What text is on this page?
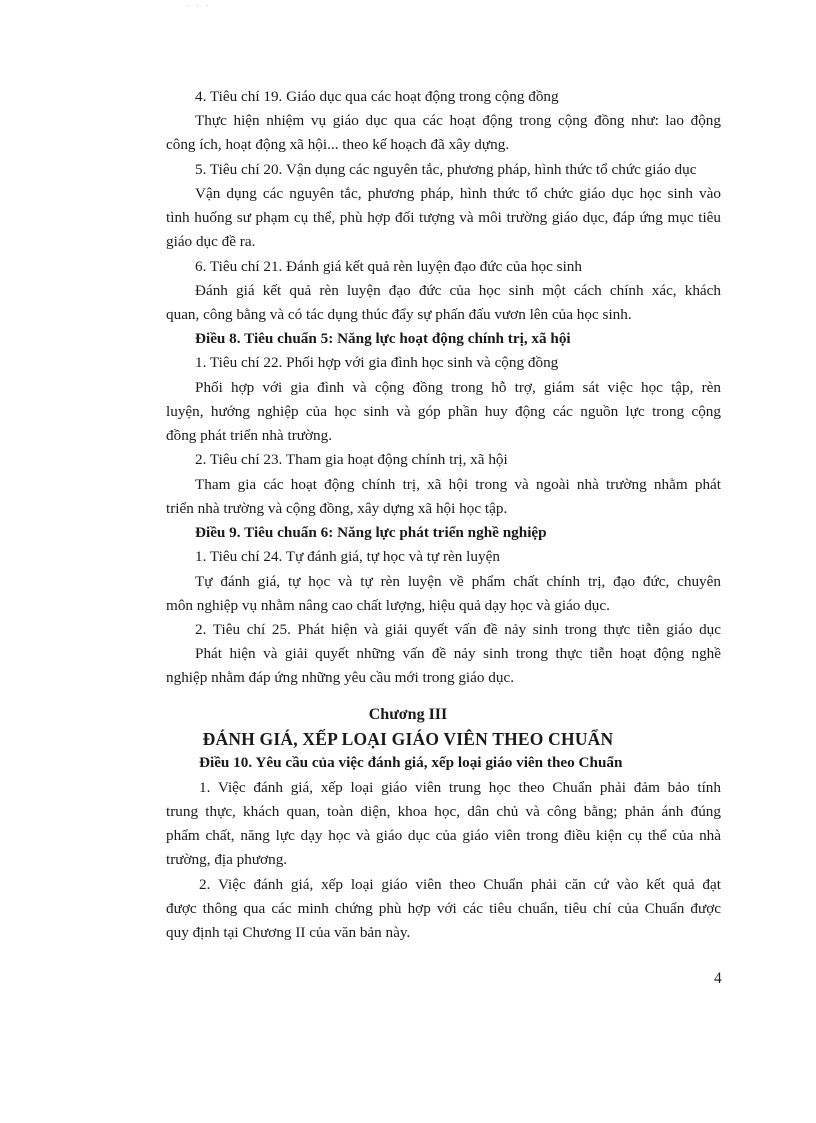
· · ·
4. Tiêu chí 19. Giáo dục qua các hoạt động trong cộng đồng
Thực hiện nhiệm vụ giáo dục qua các hoạt động trong cộng đồng như: lao động
công ích, hoạt động xã hội... theo kế hoạch đã xây dựng.
5. Tiêu chí 20. Vận dụng các nguyên tắc, phương pháp, hình thức tổ chức giáo dục
Vận dụng các nguyên tắc, phương pháp, hình thức tổ chức giáo dục học sinh vào
tình huống sư phạm cụ thể, phù hợp đối tượng và môi trường giáo dục, đáp ứng mục tiêu
giáo dục đề ra.
6. Tiêu chí 21. Đánh giá kết quả rèn luyện đạo đức của học sinh
Đánh giá kết quả rèn luyện đạo đức của học sinh một cách chính xác, khách
quan, công bằng và có tác dụng thúc đẩy sự phấn đấu vươn lên của học sinh.
Điều 8. Tiêu chuẩn 5: Năng lực hoạt động chính trị, xã hội
1. Tiêu chí 22. Phối hợp với gia đình học sinh và cộng đồng
Phối hợp với gia đình và cộng đồng trong hỗ trợ, giám sát việc học tập, rèn
luyện, hướng nghiệp của học sinh và góp phần huy động các nguồn lực trong cộng
đồng phát triển nhà trường.
2. Tiêu chí 23. Tham gia hoạt động chính trị, xã hội
Tham gia các hoạt động chính trị, xã hội trong và ngoài nhà trường nhằm phát
triển nhà trường và cộng đồng, xây dựng xã hội học tập.
Điều 9. Tiêu chuẩn 6: Năng lực phát triển nghề nghiệp
1. Tiêu chí 24. Tự đánh giá, tự học và tự rèn luyện
Tự đánh giá, tự học và tự rèn luyện về phẩm chất chính trị, đạo đức, chuyên
môn nghiệp vụ nhằm nâng cao chất lượng, hiệu quả dạy học và giáo dục.
2. Tiêu chí 25. Phát hiện và giải quyết vấn đề nảy sinh trong thực tiễn giáo dục
Phát hiện và giải quyết những vấn đề nảy sinh trong thực tiễn hoạt động nghề
nghiệp nhằm đáp ứng những yêu cầu mới trong giáo dục.
Chương III
ĐÁNH GIÁ, XẾP LOẠI GIÁO VIÊN THEO CHUẨN
Điều 10. Yêu cầu của việc đánh giá, xếp loại giáo viên theo Chuẩn
1. Việc đánh giá, xếp loại giáo viên trung học theo Chuẩn phải đảm bảo tính
trung thực, khách quan, toàn diện, khoa học, dân chủ và công bằng; phản ánh đúng
phẩm chất, năng lực dạy học và giáo dục của giáo viên trong điều kiện cụ thể của nhà
trường, địa phương.
2. Việc đánh giá, xếp loại giáo viên theo Chuẩn phải căn cứ vào kết quả đạt
được thông qua các minh chứng phù hợp với các tiêu chuẩn, tiêu chí của Chuẩn được
quy định tại Chương II của văn bản này.
4
